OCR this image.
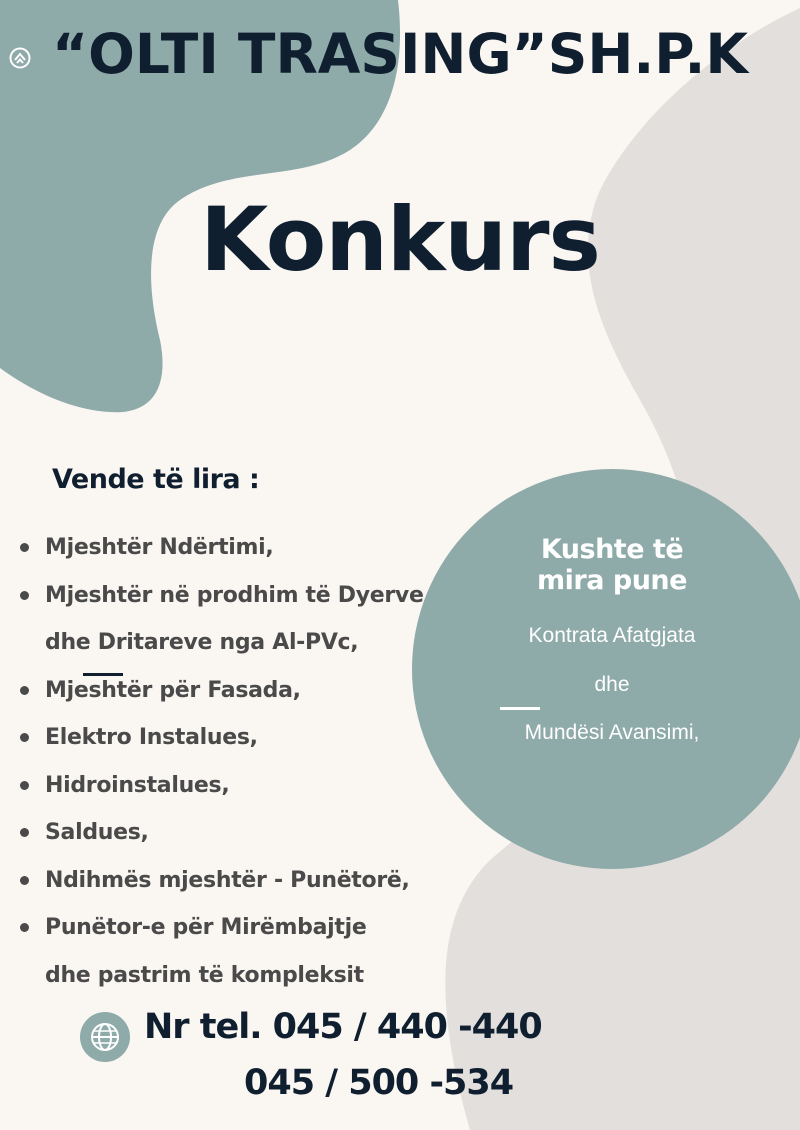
“OLTI TRASING”SH.P.K
Konkurs
Vende të lira :
Mjeshtër Ndërtimi,
Mjeshtër në prodhim të Dyerve
dhe Dritareve nga Al-PVc,
Mjeshtër për Fasada,
Elektro Instalues,
Hidroinstalues,
Saldues,
Ndihmës mjeshtër - Punëtorë,
Punëtor-e për Mirëmbajtje
dhe pastrim të kompleksit
Kushte të
mira pune
Kontrata Afatgjata
dhe
Mundësi Avansimi,
Nr tel. 045 / 440 -440
045 / 500 -534
